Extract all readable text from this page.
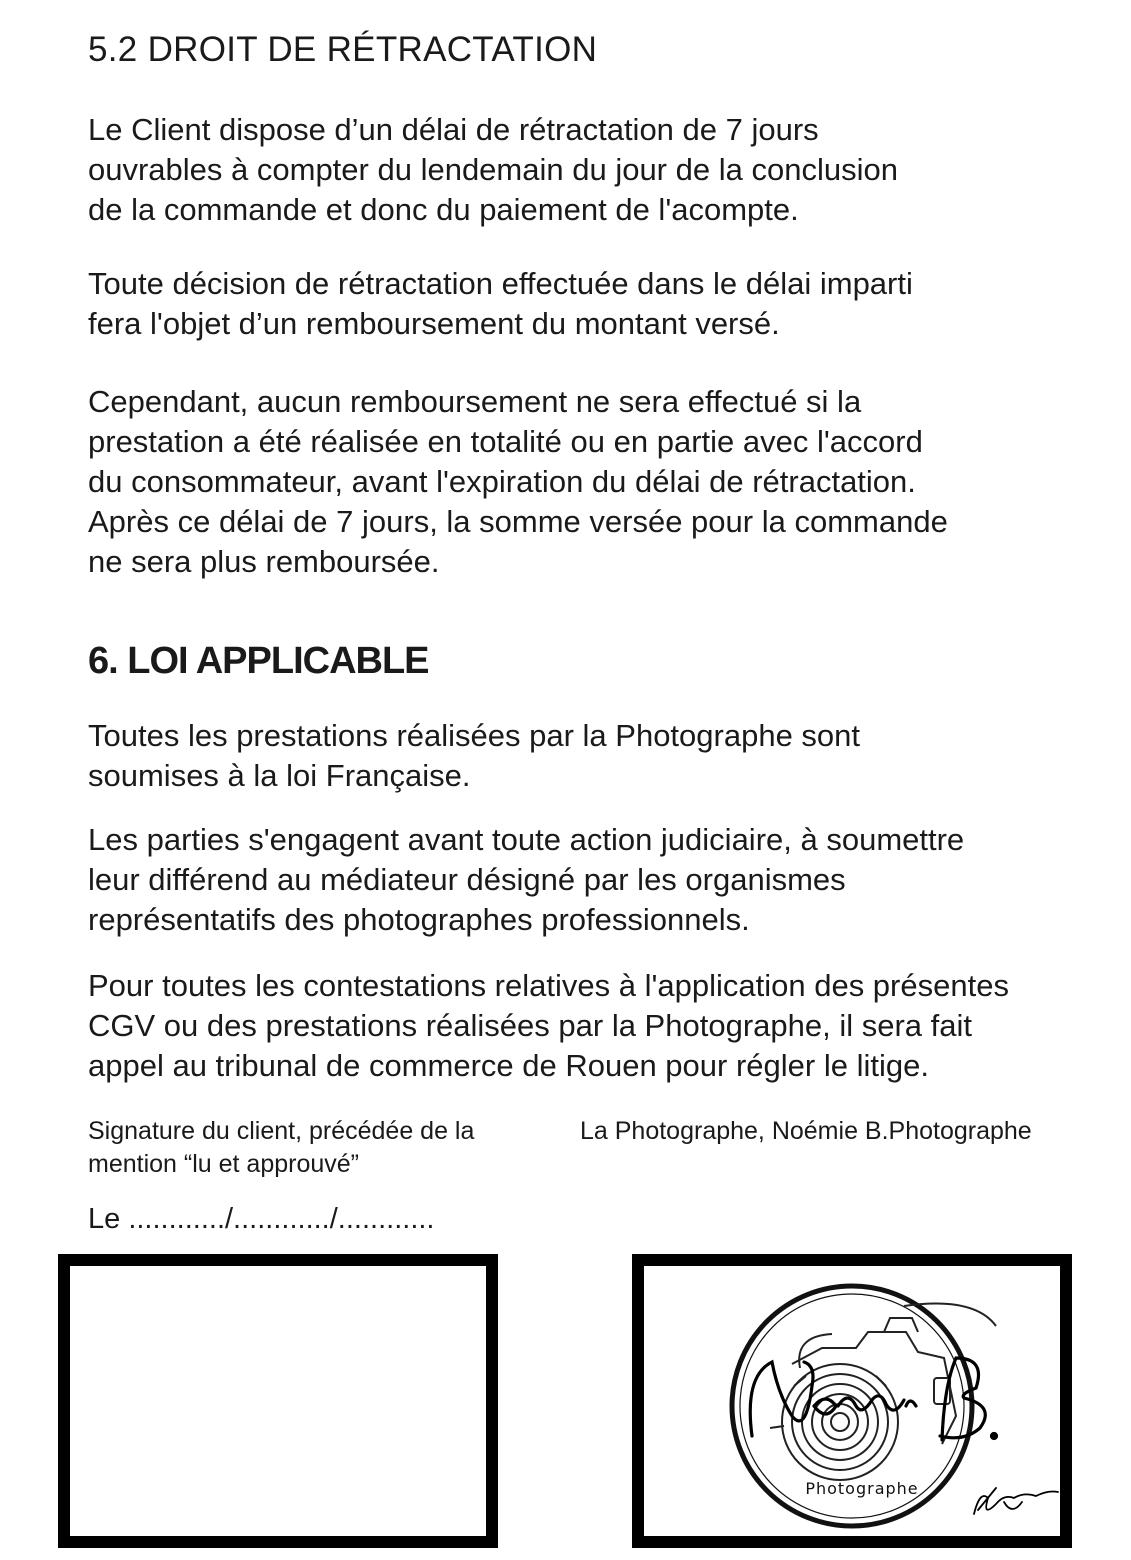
5.2 DROIT DE RÉTRACTATION

Le Client dispose d’un délai de rétractation de 7 jours
ouvrables à compter du lendemain du jour de la conclusion
de la commande et donc du paiement de l'acompte.

Toute décision de rétractation effectuée dans le délai imparti
fera l'objet d’un remboursement du montant versé.

Cependant, aucun remboursement ne sera effectué si la
prestation a été réalisée en totalité ou en partie avec l'accord
du consommateur, avant l'expiration du délai de rétractation.
Après ce délai de 7 jours, la somme versée pour la commande
ne sera plus remboursée.

6. LOI APPLICABLE

Toutes les prestations réalisées par la Photographe sont
soumises à la loi Française.

Les parties s'engagent avant toute action judiciaire, à soumettre
leur différend au médiateur désigné par les organismes
représentatifs des photographes professionnels.

Pour toutes les contestations relatives à l'application des présentes
CGV ou des prestations réalisées par la Photographe, il sera fait
appel au tribunal de commerce de Rouen pour régler le litige.

Signature du client, précédée de la
mention “lu et approuvé”

La Photographe, Noémie B.Photographe
Le ............/............/............
Photographe
